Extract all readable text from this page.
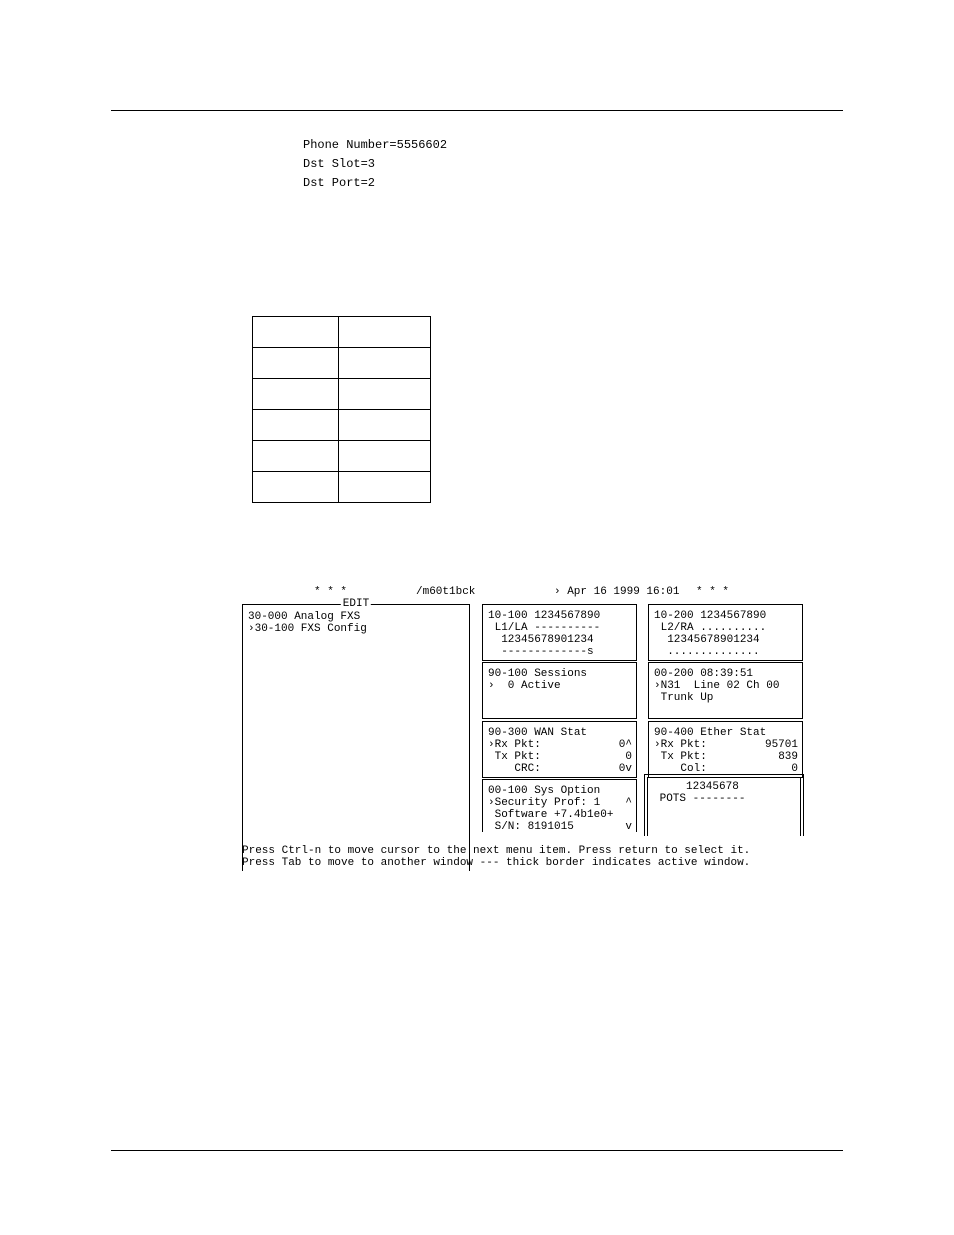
Phone Number=5556602
Dst Slot=3
Dst Port=2

* * *

	/m60t1bck

	› Apr 16 1999 16:01

* * *

EDIT
30-000 Analog FXS
›30-100 FXS Config
10-100 1234567890
L1/LA ----------
12345678901234
-------------s
10-200 1234567890
L2/RA ..........
12345678901234
..............
90-100 Sessions
›  0 Active
00-200 08:39:51
›N31  Line 02 Ch 00
Trunk Up
90-300 WAN Stat
›Rx Pkt:	0^
Tx Pkt:	0
CRC:	0v
90-400 Ether Stat
›Rx Pkt:	95701
Tx Pkt:	839
Col:	0
00-100 Sys Option
›Security Prof: 1 ^
Software +7.4b1e0+
S/N: 8191015	v
12345678
POTS --------
Press Ctrl-n to move cursor to the next menu item. Press return to select it.
Press Tab to move to another window --- thick border indicates active window.
